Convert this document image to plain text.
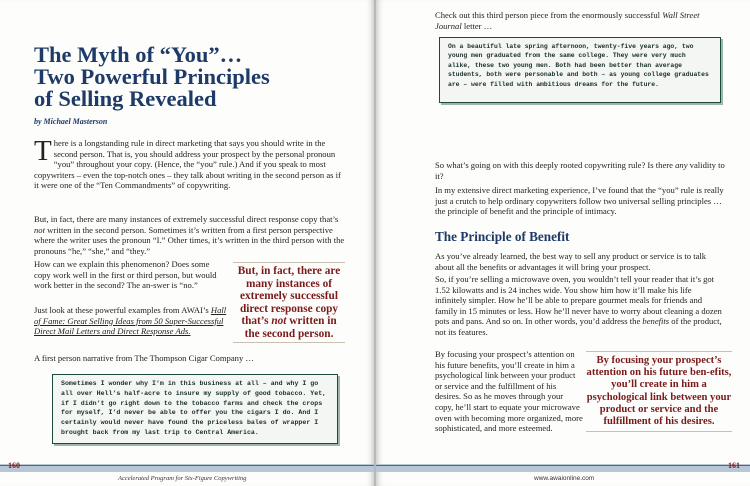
The Myth of “You”…
Two Powerful Principles
of Selling Revealed

by Michael Masterson

There is a longstanding rule in direct marketing that says you should write in the second person. That is, you should address your prospect by the personal pronoun “you” throughout your copy. (Hence, the “you” rule.) And if you speak to most copywriters – even the top-notch ones – they talk about writing in the second person as if it were one of the “Ten Commandments” of copywriting.

But, in fact, there are many instances of extremely successful direct response copy that’s not written in the second person. Sometimes it’s written from a first person perspective where the writer uses the pronoun “I.” Other times, it’s written in the third person with the pronouns “he,” “she,” and “they.”

How can we explain this phenomenon? Does some copy work well in the first or third person, but would work better in the second? The an-swer is “no.”

Just look at these powerful examples from AWAI’s Hall of Fame: Great Selling Ideas from 50 Super-Successful Direct Mail Letters and Direct Response Ads.

But, in fact, there are many instances of extremely successful direct response copy that’s not written in the second person.

A first person narrative from The Thompson Cigar Company …

Sometimes I wonder why I’m in this business at all – and why I go all over Hell’s half-acre to insure my supply of good tobacco. Yet, if I didn’t go right down to the tobacco farms and check the crops for myself, I’d never be able to offer you the cigars I do. And I certainly would never have found the priceless bales of wrapper I brought back from my last trip to Central America.
160
Accelerated Program for Six-Figure Copywriting

Check out this third person piece from the enormously successful Wall Street Journal letter …

On a beautiful late spring afternoon, twenty-five years ago, two young men graduated from the same college. They were very much alike, these two young men. Both had been better than average students, both were personable and both – as young college graduates are – were filled with ambitious dreams for the future.

So what’s going on with this deeply rooted copywriting rule? Is there any validity to it?

In my extensive direct marketing experience, I’ve found that the “you” rule is really just a crutch to help ordinary copywriters follow two universal selling principles … the principle of benefit and the principle of intimacy.

The Principle of Benefit

As you’ve already learned, the best way to sell any product or service is to talk about all the benefits or advantages it will bring your prospect.

So, if you’re selling a microwave oven, you wouldn’t tell your reader that it’s got 1.52 kilowatts and is 24 inches wide. You show him how it’ll make his life infinitely simpler. How he’ll be able to prepare gourmet meals for friends and family in 15 minutes or less. How he’ll never have to worry about cleaning a dozen pots and pans. And so on. In other words, you’d address the benefits of the product, not its features.

By focusing your prospect’s attention on his future benefits, you’ll create in him a psychological link between your product or service and the fulfillment of his desires. So as he moves through your copy, he’ll start to equate your microwave oven with becoming more organized, more sophisticated, and more esteemed.

By focusing your prospect’s attention on his future ben-efits, you’ll create in him a psychological link between your product or service and the fulfillment of his desires.

www.awaionline.com
161
